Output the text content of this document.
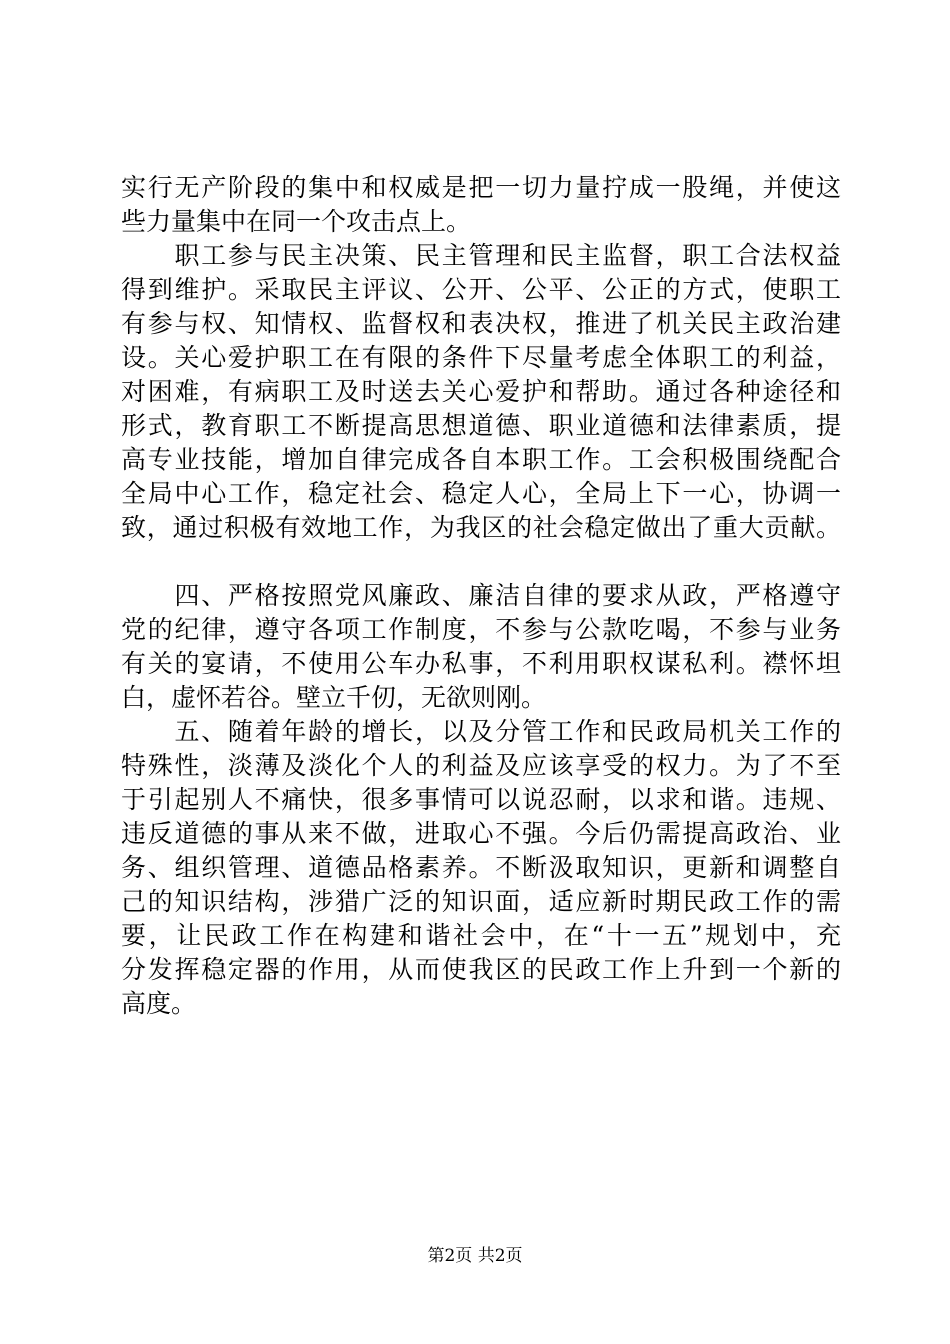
实行无产阶段的集中和权威是把一切力量拧成一股绳，并使这
些力量集中在同一个攻击点上。
　　职工参与民主决策、民主管理和民主监督，职工合法权益
得到维护。采取民主评议、公开、公平、公正的方式，使职工
有参与权、知情权、监督权和表决权，推进了机关民主政治建
设。关心爱护职工在有限的条件下尽量考虑全体职工的利益，
对困难，有病职工及时送去关心爱护和帮助。通过各种途径和
形式，教育职工不断提高思想道德、职业道德和法律素质，提
高专业技能，增加自律完成各自本职工作。工会积极围绕配合
全局中心工作，稳定社会、稳定人心，全局上下一心，协调一
致，通过积极有效地工作，为我区的社会稳定做出了重大贡献。
　　四、严格按照党风廉政、廉洁自律的要求从政，严格遵守
党的纪律，遵守各项工作制度，不参与公款吃喝，不参与业务
有关的宴请，不使用公车办私事，不利用职权谋私利。襟怀坦
白，虚怀若谷。壁立千仞，无欲则刚。
　　五、随着年龄的增长，以及分管工作和民政局机关工作的
特殊性，淡薄及淡化个人的利益及应该享受的权力。为了不至
于引起别人不痛快，很多事情可以说忍耐，以求和谐。违规、
违反道德的事从来不做，进取心不强。今后仍需提高政治、业
务、组织管理、道德品格素养。不断汲取知识，更新和调整自
己的知识结构，涉猎广泛的知识面，适应新时期民政工作的需
要，让民政工作在构建和谐社会中，在“十一五”规划中，充
分发挥稳定器的作用，从而使我区的民政工作上升到一个新的
高度。
第2页 共2页
